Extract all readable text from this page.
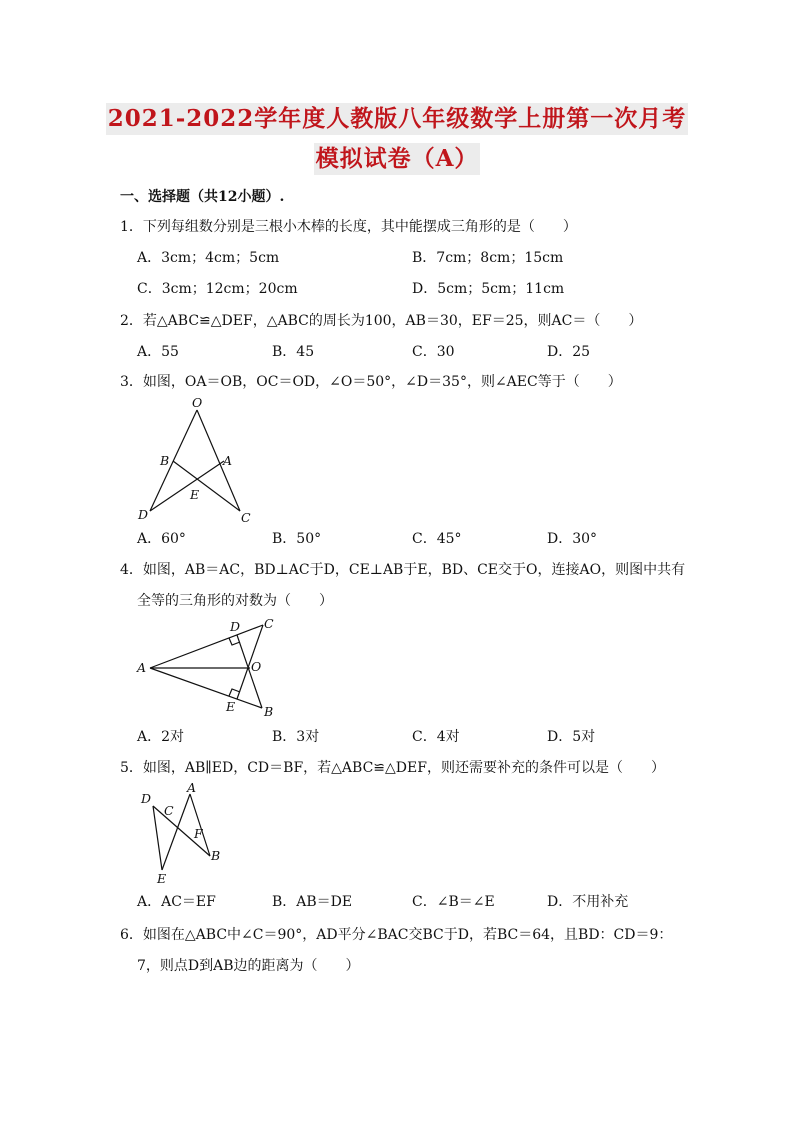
2021-2022学年度人教版八年级数学上册第一次月考
模拟试卷（A）
一、选择题（共12小题）.
1．下列每组数分别是三根小木棒的长度，其中能摆成三角形的是（　　）
A．3cm；4cm；5cm	B．7cm；8cm；15cm
C．3cm；12cm；20cm	D．5cm；5cm；11cm
2．若△ABC≌△DEF，△ABC的周长为100，AB＝30，EF＝25，则AC＝（　　）
A．55	B．45	C．30	D．25
3．如图，OA＝OB，OC＝OD，∠O＝50°，∠D＝35°，则∠AEC等于（　　）
O
B	A
E
D	C
A．60°	B．50°	C．45°	D．30°
4．如图，AB＝AC，BD⊥AC于D，CE⊥AB于E，BD、CE交于O，连接AO，则图中共有
全等的三角形的对数为（　　）
D C
A	O
E B
A．2对	B．3对	C．4对	D．5对
5．如图，AB∥ED，CD＝BF，若△ABC≌△DEF，则还需要补充的条件可以是（　　）
D
A
C
F
B
E
A．AC＝EF	B．AB＝DE	C．∠B＝∠E	D．不用补充
6．如图在△ABC中∠C＝90°，AD平分∠BAC交BC于D，若BC＝64，且BD：CD＝9：
7，则点D到AB边的距离为（　　）
